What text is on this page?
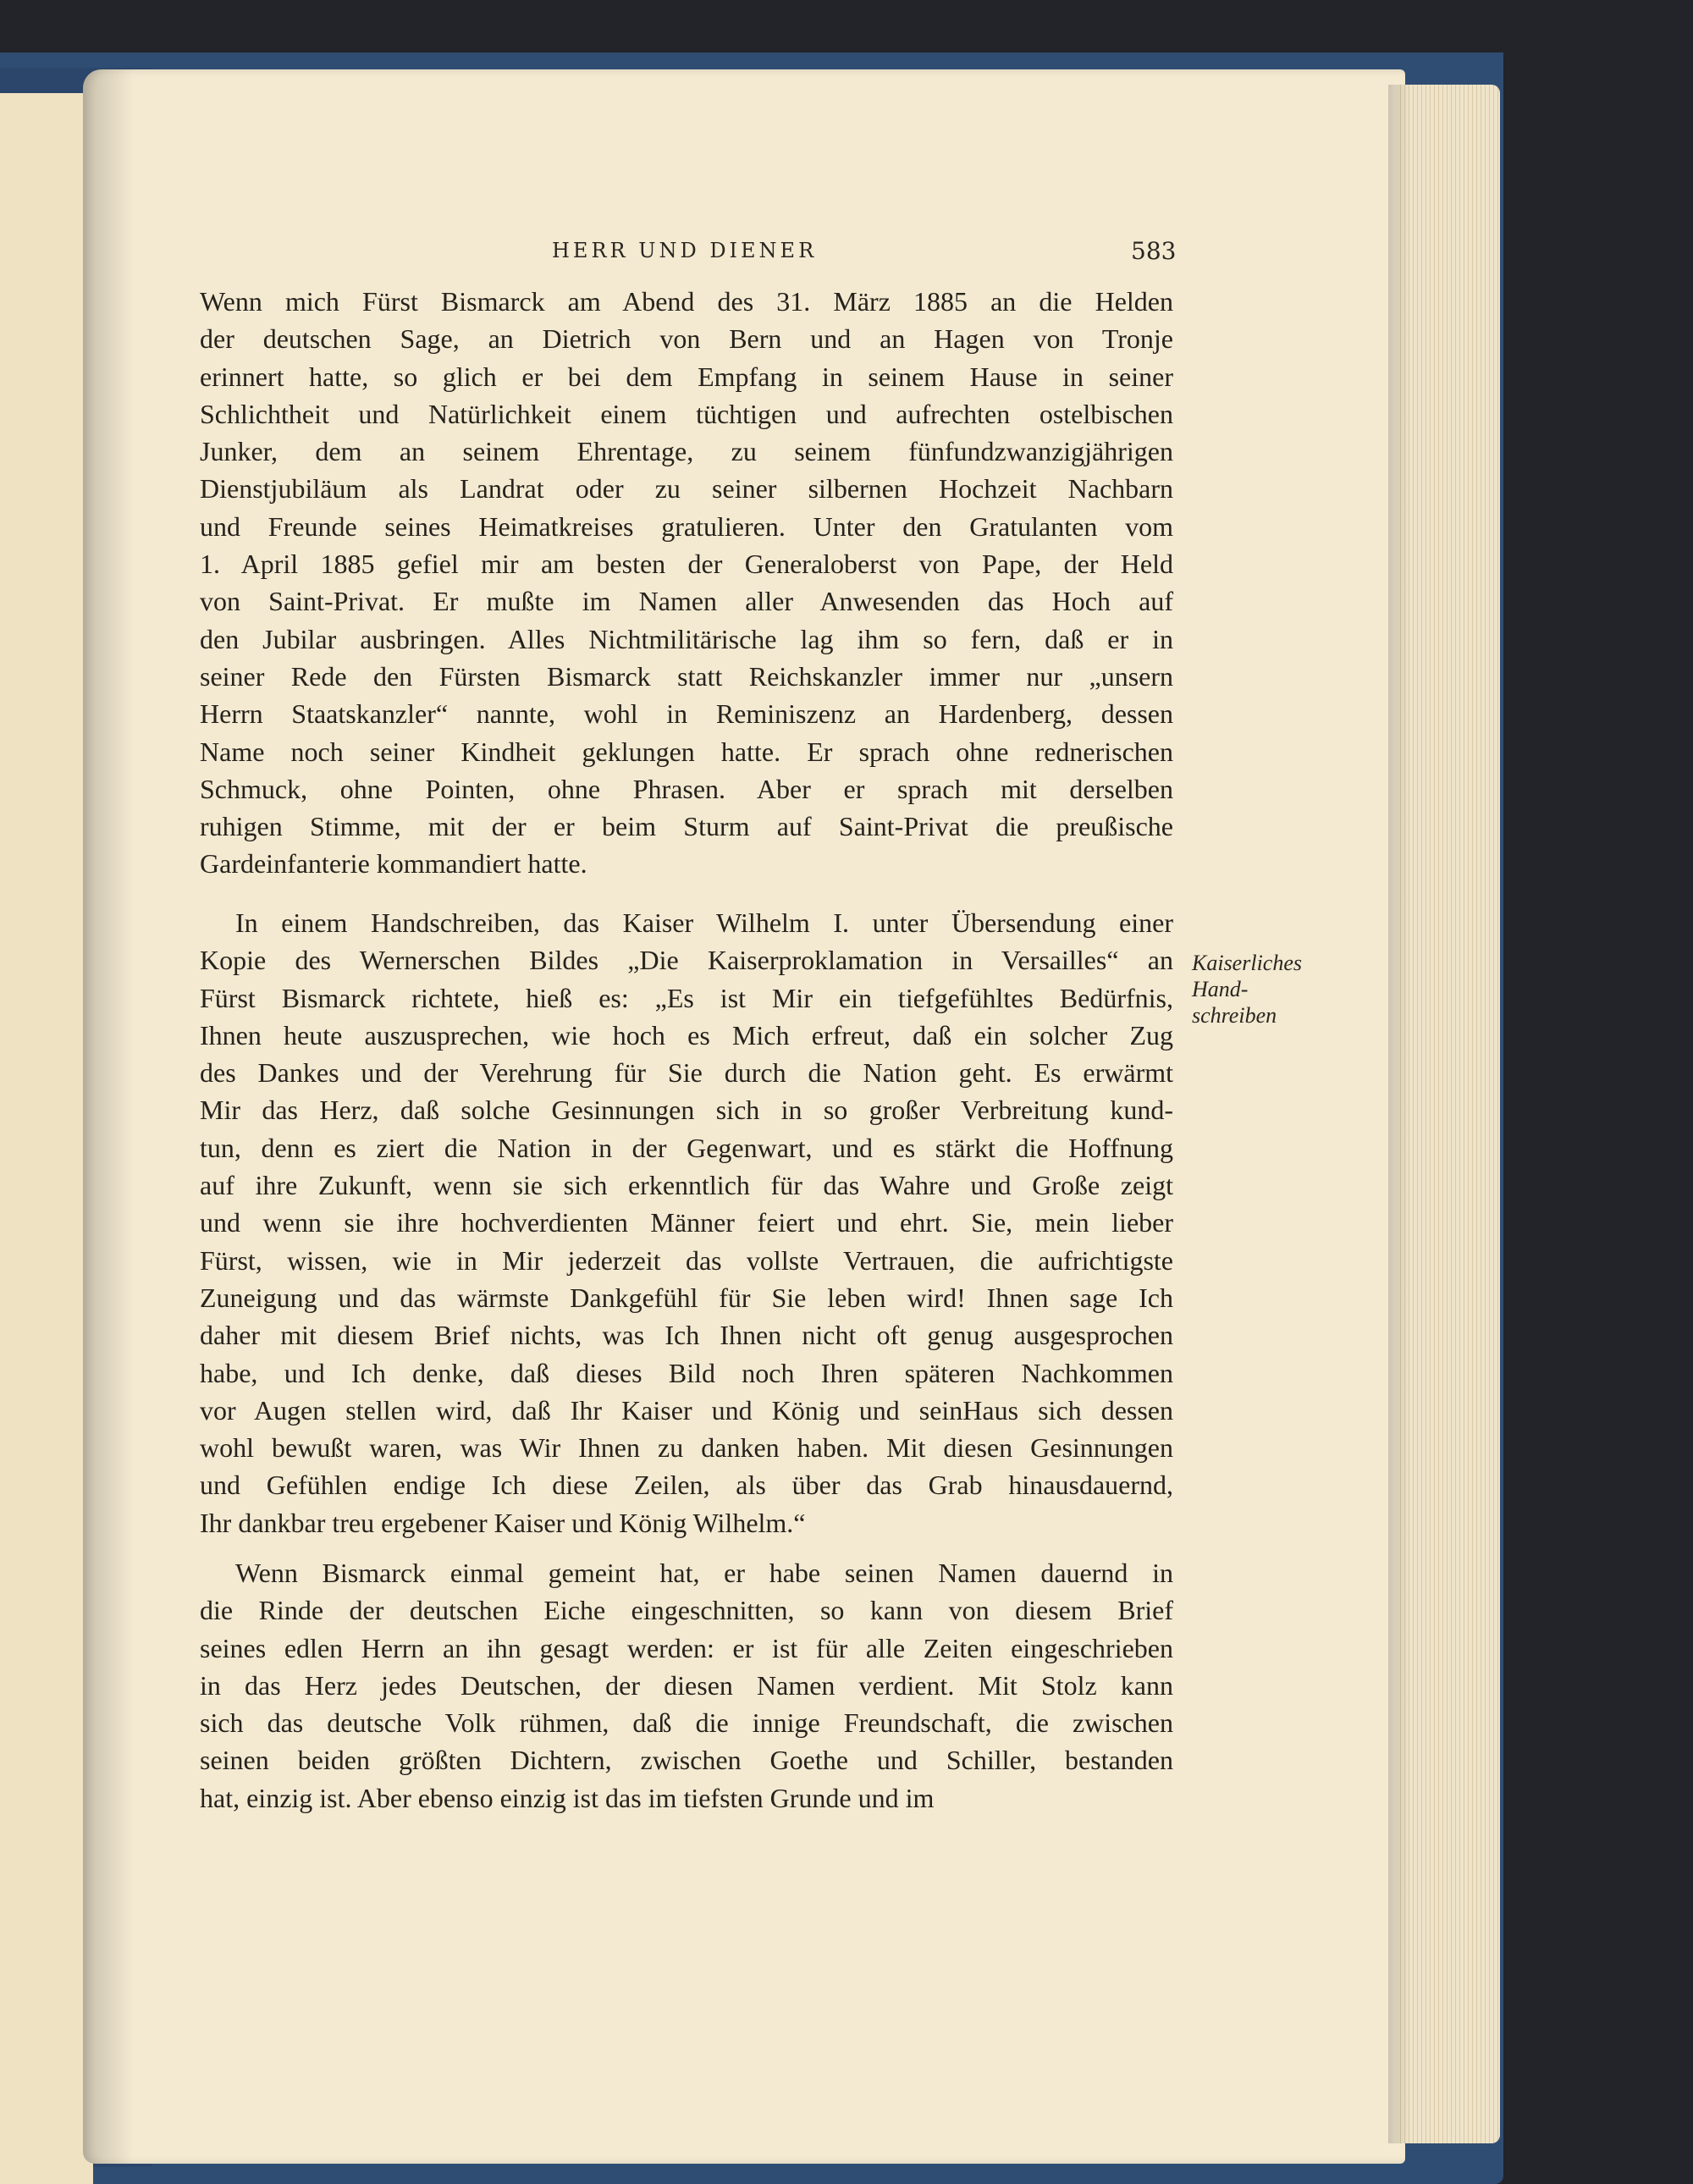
HERR UND DIENER	583
Wenn mich Fürst Bismarck am Abend des 31. März 1885 an die Helden
der deutschen Sage, an Dietrich von Bern und an Hagen von Tronje
erinnert hatte, so glich er bei dem Empfang in seinem Hause in seiner
Schlichtheit und Natürlichkeit einem tüchtigen und aufrechten ostelbischen
Junker, dem an seinem Ehrentage, zu seinem fünfundzwanzigjährigen
Dienstjubiläum als Landrat oder zu seiner silbernen Hochzeit Nachbarn
und Freunde seines Heimatkreises gratulieren. Unter den Gratulanten vom
1. April 1885 gefiel mir am besten der Generaloberst von Pape, der Held
von Saint-Privat. Er mußte im Namen aller Anwesenden das Hoch auf
den Jubilar ausbringen. Alles Nichtmilitärische lag ihm so fern, daß er in
seiner Rede den Fürsten Bismarck statt Reichskanzler immer nur „unsern
Herrn Staatskanzler“ nannte, wohl in Reminiszenz an Hardenberg, dessen
Name noch seiner Kindheit geklungen hatte. Er sprach ohne rednerischen
Schmuck, ohne Pointen, ohne Phrasen. Aber er sprach mit derselben
ruhigen Stimme, mit der er beim Sturm auf Saint-Privat die preußische
Gardeinfanterie kommandiert hatte.
In einem Handschreiben, das Kaiser Wilhelm I. unter Übersendung einer
Kopie des Wernerschen Bildes „Die Kaiserproklamation in Versailles“ an
Fürst Bismarck richtete, hieß es: „Es ist Mir ein tiefgefühltes Bedürfnis,
Ihnen heute auszusprechen, wie hoch es Mich erfreut, daß ein solcher Zug
des Dankes und der Verehrung für Sie durch die Nation geht. Es erwärmt
Mir das Herz, daß solche Gesinnungen sich in so großer Verbreitung kund-
tun, denn es ziert die Nation in der Gegenwart, und es stärkt die Hoffnung
auf ihre Zukunft, wenn sie sich erkenntlich für das Wahre und Große zeigt
und wenn sie ihre hochverdienten Männer feiert und ehrt. Sie, mein lieber
Fürst, wissen, wie in Mir jederzeit das vollste Vertrauen, die aufrichtigste
Zuneigung und das wärmste Dankgefühl für Sie leben wird! Ihnen sage Ich
daher mit diesem Brief nichts, was Ich Ihnen nicht oft genug ausgesprochen
habe, und Ich denke, daß dieses Bild noch Ihren späteren Nachkommen
vor Augen stellen wird, daß Ihr Kaiser und König und seinHaus sich dessen
wohl bewußt waren, was Wir Ihnen zu danken haben. Mit diesen Gesinnungen
und Gefühlen endige Ich diese Zeilen, als über das Grab hinausdauernd,
Ihr dankbar treu ergebener Kaiser und König Wilhelm.“
Wenn Bismarck einmal gemeint hat, er habe seinen Namen dauernd in
die Rinde der deutschen Eiche eingeschnitten, so kann von diesem Brief
seines edlen Herrn an ihn gesagt werden: er ist für alle Zeiten eingeschrieben
in das Herz jedes Deutschen, der diesen Namen verdient. Mit Stolz kann
sich das deutsche Volk rühmen, daß die innige Freundschaft, die zwischen
seinen beiden größten Dichtern, zwischen Goethe und Schiller, bestanden
hat, einzig ist. Aber ebenso einzig ist das im tiefsten Grunde und im
Kaiserliches
Hand-
schreiben
